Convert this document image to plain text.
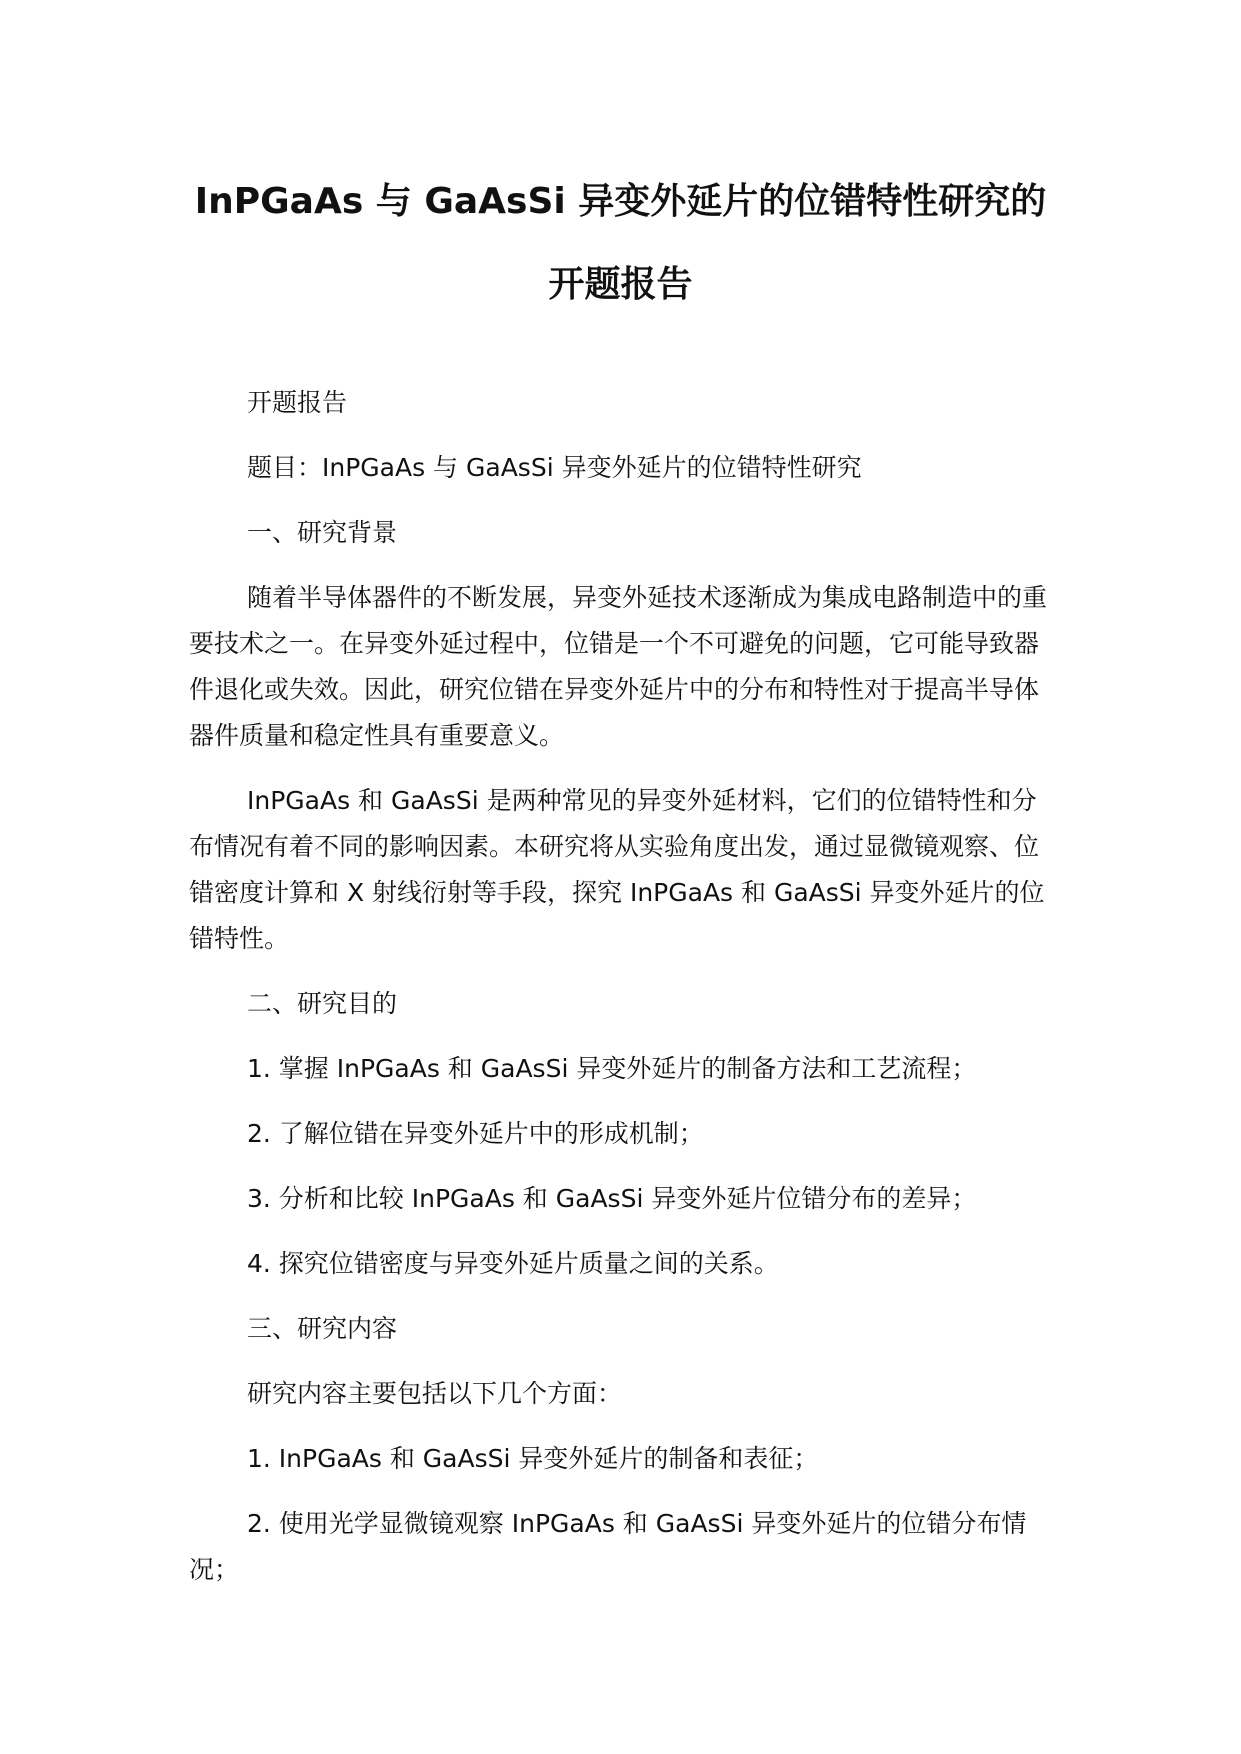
InPGaAs 与 GaAsSi 异变外延片的位错特性研究的
开题报告

开题报告

题目：InPGaAs 与 GaAsSi 异变外延片的位错特性研究

一、研究背景

随着半导体器件的不断发展，异变外延技术逐渐成为集成电路制造中的重要技术之一。在异变外延过程中，位错是一个不可避免的问题，它可能导致器件退化或失效。因此，研究位错在异变外延片中的分布和特性对于提高半导体器件质量和稳定性具有重要意义。

InPGaAs 和 GaAsSi 是两种常见的异变外延材料，它们的位错特性和分布情况有着不同的影响因素。本研究将从实验角度出发，通过显微镜观察、位错密度计算和 X 射线衍射等手段，探究 InPGaAs 和 GaAsSi 异变外延片的位错特性。

二、研究目的

1. 掌握 InPGaAs 和 GaAsSi 异变外延片的制备方法和工艺流程；

2. 了解位错在异变外延片中的形成机制；

3. 分析和比较 InPGaAs 和 GaAsSi 异变外延片位错分布的差异；

4. 探究位错密度与异变外延片质量之间的关系。

三、研究内容

研究内容主要包括以下几个方面：

1. InPGaAs 和 GaAsSi 异变外延片的制备和表征；

2. 使用光学显微镜观察 InPGaAs 和 GaAsSi 异变外延片的位错分布情况；
